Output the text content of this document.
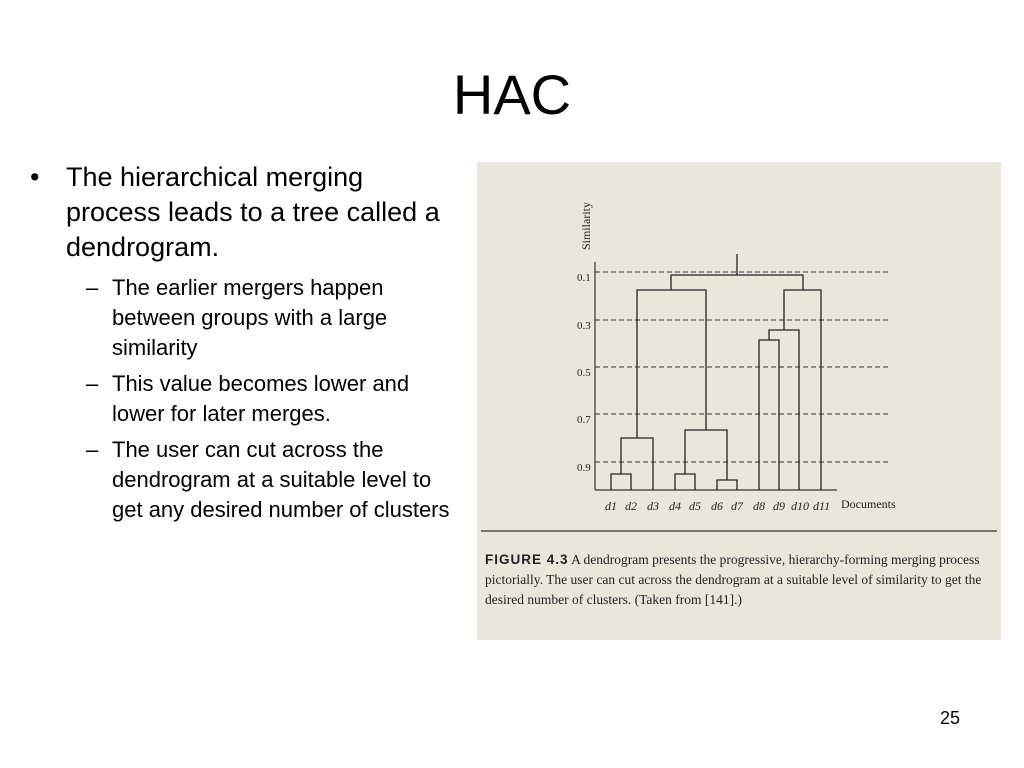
HAC
• The hierarchical merging process leads to a tree called a dendrogram.
– The earlier mergers happen between groups with a large similarity
– This value becomes lower and lower for later merges.
– The user can cut across the dendrogram at a suitable level to get any desired number of clusters
Similarity
0.1
0.3
0.5
0.7
0.9
d1 d2 d3 d4 d5 d6 d7 d8 d9 d10 d11 Documents
FIGURE 4.3 A dendrogram presents the progressive, hierarchy-forming merging process pictorially. The user can cut across the dendrogram at a suitable level of similarity to get the desired number of clusters. (Taken from [141].)
25
